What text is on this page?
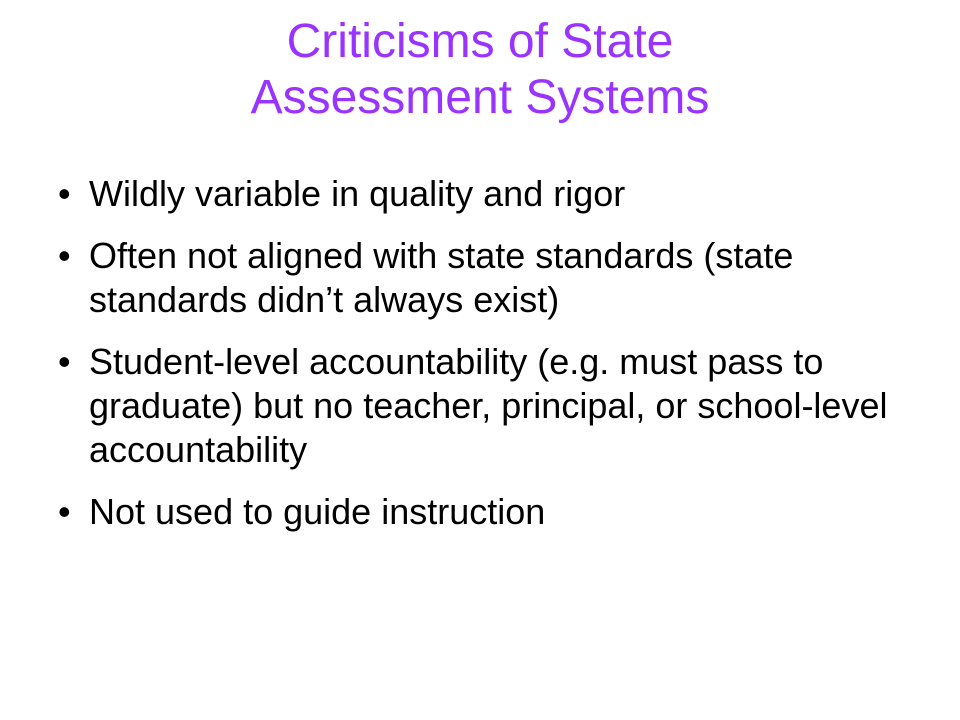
Criticisms of State
Assessment Systems
• Wildly variable in quality and rigor
• Often not aligned with state standards (state standards didn’t always exist)
• Student-level accountability (e.g. must pass to graduate) but no teacher, principal, or school-level accountability
• Not used to guide instruction
